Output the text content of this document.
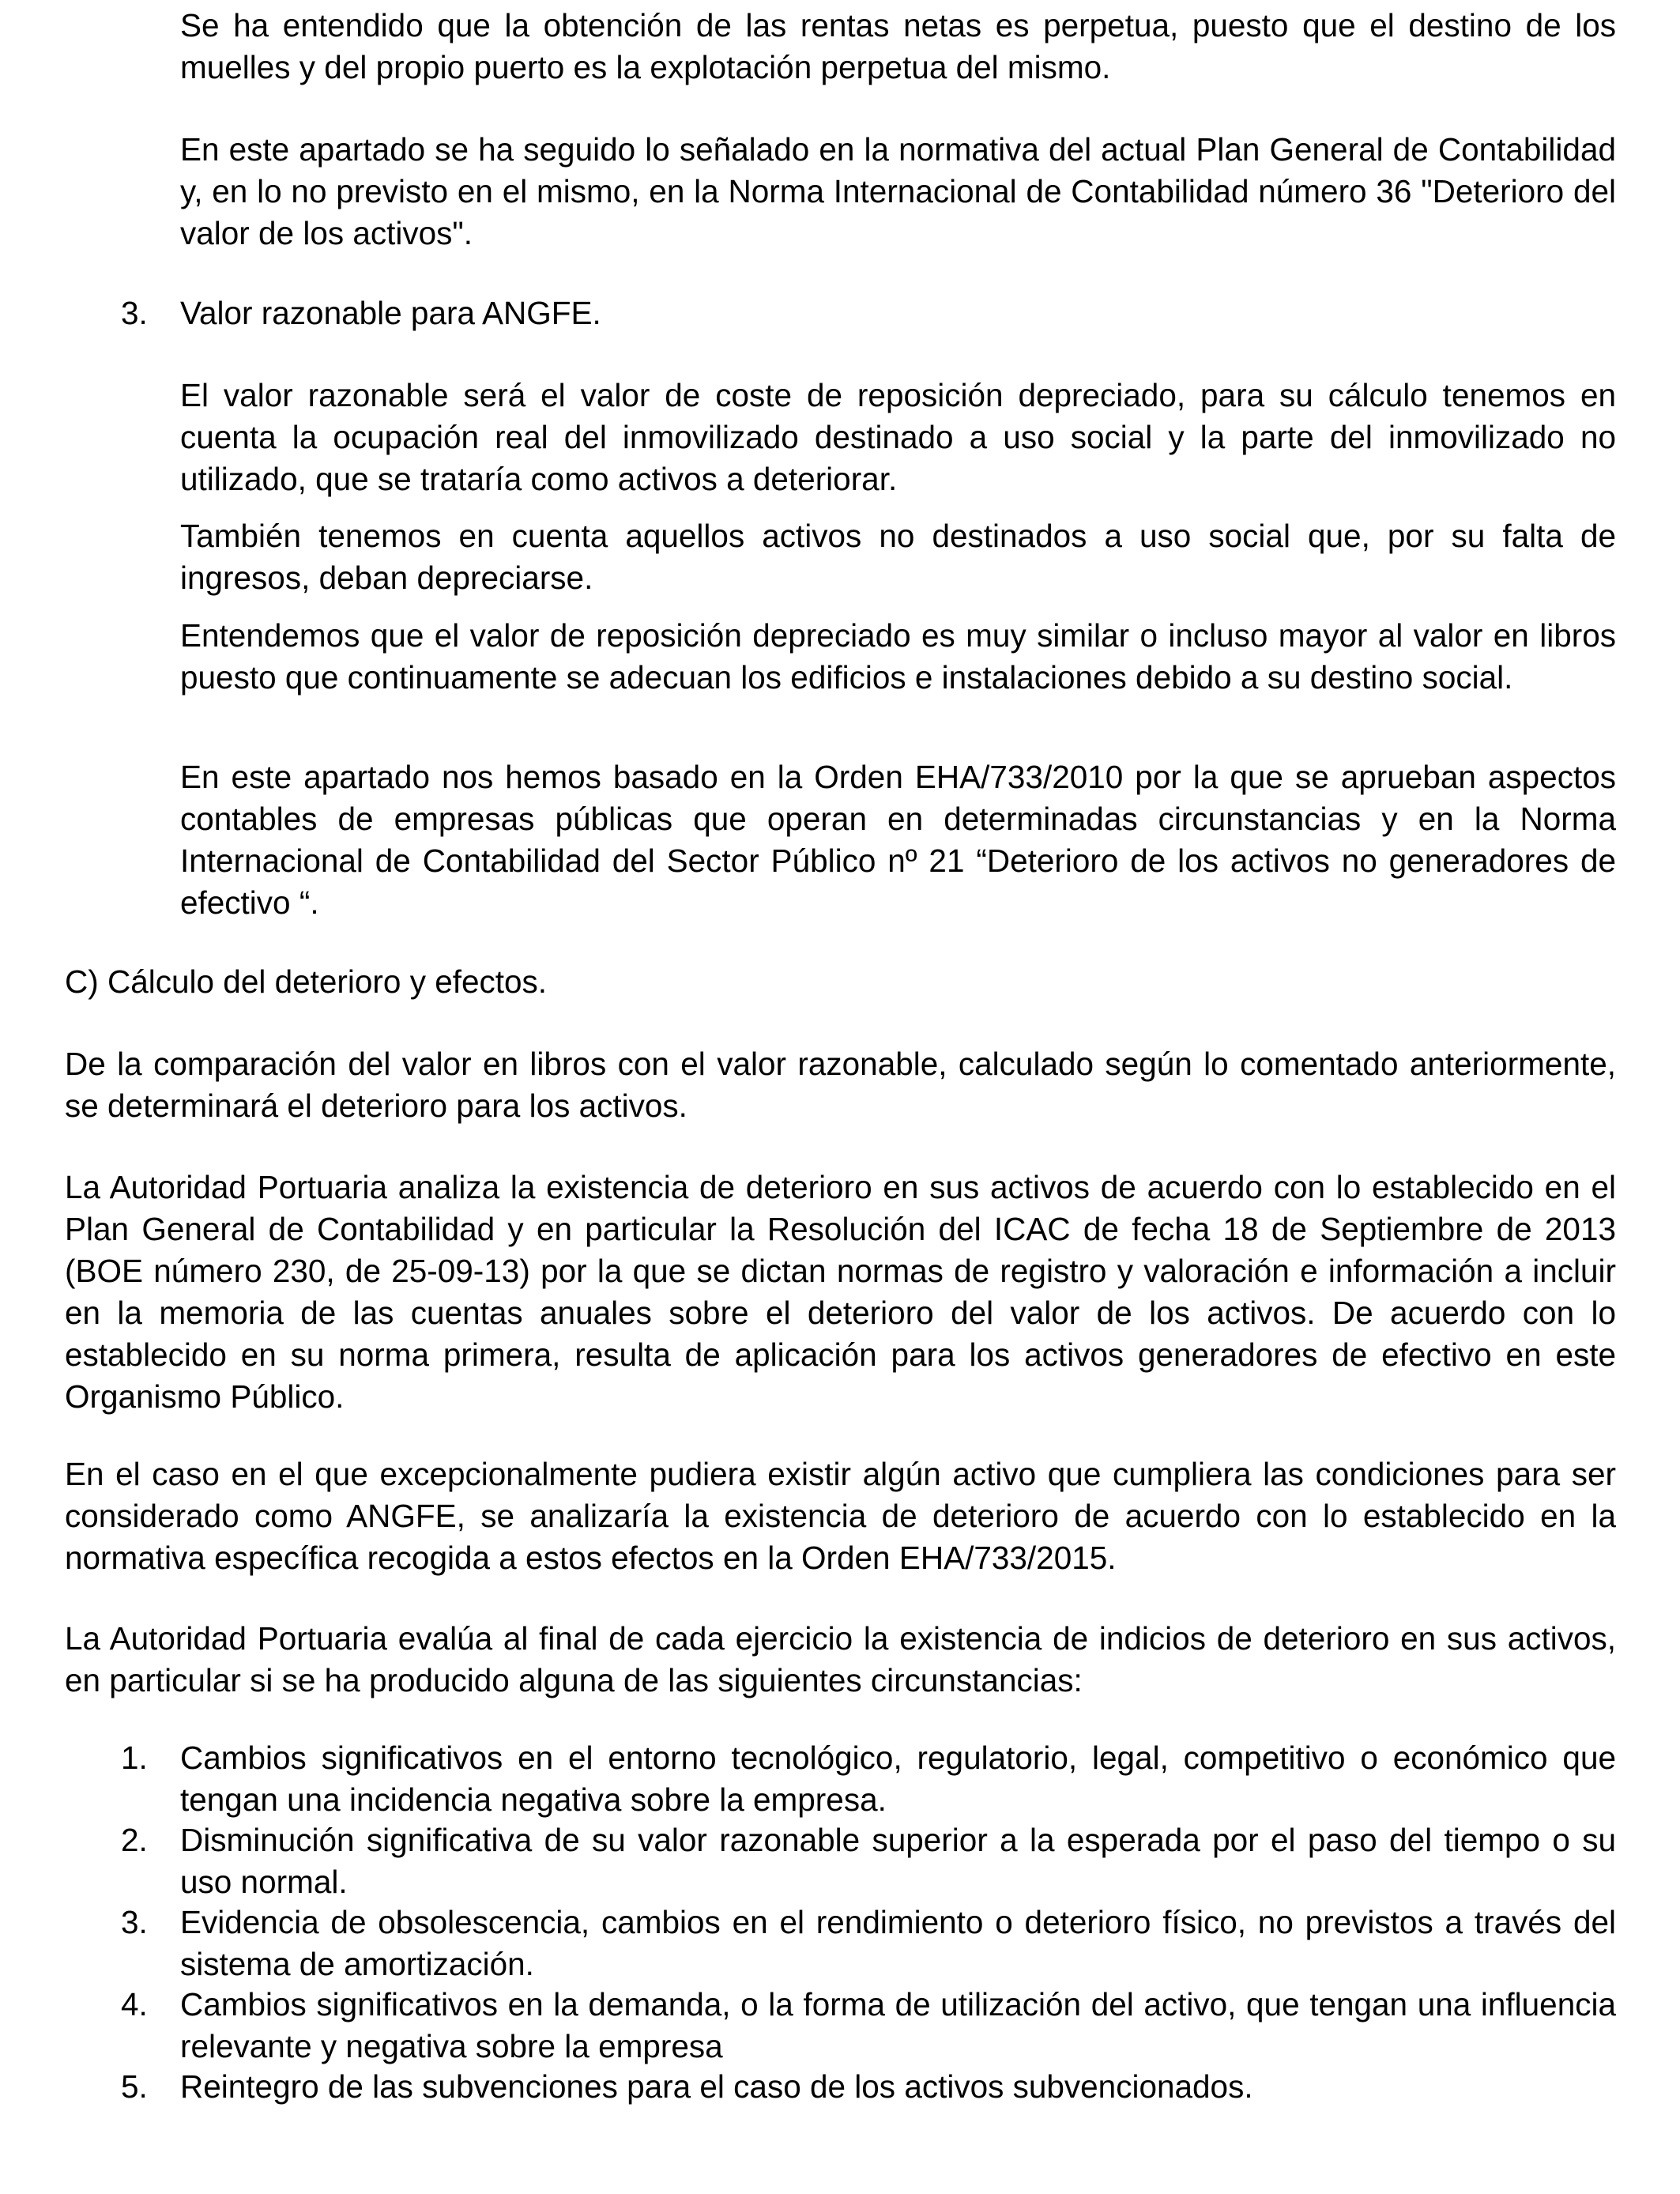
Se ha entendido que la obtención de las rentas netas es perpetua, puesto que el destino de los muelles y del propio puerto es la explotación perpetua del mismo.

En este apartado se ha seguido lo señalado en la normativa del actual Plan General de Contabilidad y, en lo no previsto en el mismo, en la Norma Internacional de Contabilidad número 36 "Deterioro del valor de los activos".

3. Valor razonable para ANGFE.

El valor razonable será el valor de coste de reposición depreciado, para su cálculo tenemos en cuenta la ocupación real del inmovilizado destinado a uso social y la parte del inmovilizado no utilizado, que se trataría como activos a deteriorar.

También tenemos en cuenta aquellos activos no destinados a uso social que, por su falta de ingresos, deban depreciarse.

Entendemos que el valor de reposición depreciado es muy similar o incluso mayor al valor en libros puesto que continuamente se adecuan los edificios e instalaciones debido a su destino social.

En este apartado nos hemos basado en la Orden EHA/733/2010 por la que se aprueban aspectos contables de empresas públicas que operan en determinadas circunstancias y en la Norma Internacional de Contabilidad del Sector Público nº 21 “Deterioro de los activos no generadores de efectivo “.

C) Cálculo del deterioro y efectos.

De la comparación del valor en libros con el valor razonable, calculado según lo comentado anteriormente, se determinará el deterioro para los activos.

La Autoridad Portuaria analiza la existencia de deterioro en sus activos de acuerdo con lo establecido en el Plan General de Contabilidad y en particular la Resolución del ICAC de fecha 18 de Septiembre de 2013 (BOE número 230, de 25-09-13) por la que se dictan normas de registro y valoración e información a incluir en la memoria de las cuentas anuales sobre el deterioro del valor de los activos. De acuerdo con lo establecido en su norma primera, resulta de aplicación para los activos generadores de efectivo en este Organismo Público.

En el caso en el que excepcionalmente pudiera existir algún activo que cumpliera las condiciones para ser considerado como ANGFE, se analizaría la existencia de deterioro de acuerdo con lo establecido en la normativa específica recogida a estos efectos en la Orden EHA/733/2015.

La Autoridad Portuaria evalúa al final de cada ejercicio la existencia de indicios de deterioro en sus activos, en particular si se ha producido alguna de las siguientes circunstancias:

1. Cambios significativos en el entorno tecnológico, regulatorio, legal, competitivo o económico que tengan una incidencia negativa sobre la empresa.
2. Disminución significativa de su valor razonable superior a la esperada por el paso del tiempo o su uso normal.
3. Evidencia de obsolescencia, cambios en el rendimiento o deterioro físico, no previstos a través del sistema de amortización.
4. Cambios significativos en la demanda, o la forma de utilización del activo, que tengan una influencia relevante y negativa sobre la empresa
5. Reintegro de las subvenciones para el caso de los activos subvencionados.
